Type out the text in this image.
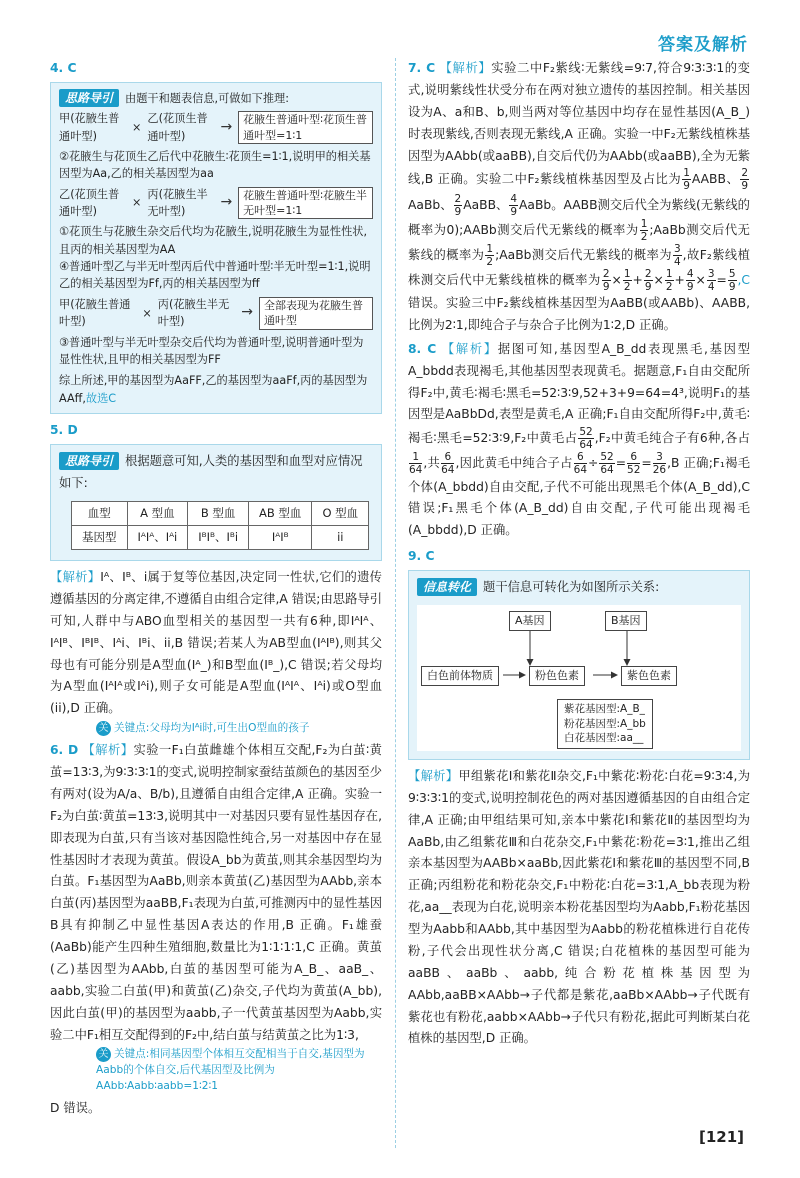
答案及解析
4. C
思路导引 由题干和题表信息,可做如下推理:
甲(花腋生普通叶型)
×
乙(花顶生普通叶型)
→	花腋生普通叶型∶花顶生普通叶型=1∶1
②花腋生与花顶生乙后代中花腋生∶花顶生=1∶1,说明甲的相关基因型为Aa,乙的相关基因型为aa
乙(花顶生普通叶型)
×
丙(花腋生半无叶型)
→	花腋生普通叶型∶花腋生半无叶型=1∶1
①花顶生与花腋生杂交后代均为花腋生,说明花腋生为显性性状,且丙的相关基因型为AA
④普通叶型乙与半无叶型丙后代中普通叶型∶半无叶型=1∶1,说明乙的相关基因型为Ff,丙的相关基因型为ff
甲(花腋生普通叶型)
×
丙(花腋生半无叶型)
→	全部表现为花腋生普通叶型
③普通叶型与半无叶型杂交后代均为普通叶型,说明普通叶型为显性性状,且甲的相关基因型为FF
综上所述,甲的基因型为AaFF,乙的基因型为aaFf,丙的基因型为AAff,故选C
5. D
思路导引 根据题意可知,人类的基因型和血型对应情况如下:
血型	A 型血	B 型血	AB 型血	O 型血
基因型	IᴬIᴬ、Iᴬi	IᴮIᴮ、Iᴮi	IᴬIᴮ	ii

【解析】Iᴬ、Iᴮ、i属于复等位基因,决定同一性状,它们的遗传遵循基因的分离定律,不遵循自由组合定律,A 错误;由思路导引可知,人群中与ABO血型相关的基因型一共有6种,即IᴬIᴬ、IᴬIᴮ、IᴮIᴮ、Iᴬi、Iᴮi、ii,B 错误;若某人为AB型血(IᴬIᴮ),则其父母也有可能分别是A型血(Iᴬ_)和B型血(Iᴮ_),C 错误;若父母均为A型血(IᴬIᴬ或Iᴬi),则子女可能是A型血(IᴬIᴬ、Iᴬi)或O型血(ii),D 正确。

关 关键点:父母均为Iᴬi时,可生出O型血的孩子

6. D 【解析】实验一F₁白茧雌雄个体相互交配,F₂为白茧∶黄茧=13∶3,为9∶3∶3∶1的变式,说明控制家蚕结茧颜色的基因至少有两对(设为A/a、B/b),且遵循自由组合定律,A 正确。实验一F₂为白茧∶黄茧=13∶3,说明其中一对基因只要有显性基因存在,即表现为白茧,只有当该对基因隐性纯合,另一对基因中存在显性基因时才表现为黄茧。假设A_bb为黄茧,则其余基因型均为白茧。F₁基因型为AaBb,则亲本黄茧(乙)基因型为AAbb,亲本白茧(丙)基因型为aaBB,F₁表现为白茧,可推测丙中的显性基因B具有抑制乙中显性基因A表达的作用,B 正确。F₁雄蚕(AaBb)能产生四种生殖细胞,数量比为1∶1∶1∶1,C 正确。黄茧(乙)基因型为AAbb,白茧的基因型可能为A_B_、aaB_、aabb,实验二白茧(甲)和黄茧(乙)杂交,子代均为黄茧(A_bb),因此白茧(甲)的基因型为aabb,子一代黄茧基因型为Aabb,实验二中F₁相互交配得到的F₂中,结白茧与结黄茧之比为1∶3,

关 关键点:相同基因型个体相互交配相当于自交,基因型为Aabb的个体自交,后代基因型及比例为AAbb∶Aabb∶aabb=1∶2∶1

D 错误。

7. C 【解析】实验二中F₂紫线∶无紫线=9∶7,符合9∶3∶3∶1的变式,说明紫线性状受分布在两对独立遗传的基因控制。相关基因设为A、a和B、b,则当两对等位基因中均存在显性基因(A_B_)时表现紫线,否则表现无紫线,A 正确。实验一中F₂无紫线植株基因型为AAbb(或aaBB),自交后代仍为AAbb(或aaBB),全为无紫线,B 正确。实验二中F₂紫线植株基因型及占比为 $\frac{1}{9}$ AABB、 $\frac{2}{9}$
AaBb、 $\frac{2}{9}$ AaBB、 $\frac{4}{9}$ AaBb。AABB测交后代全为紫线(无紫线的概率为0);AABb测交后代无紫线的概率为 $\frac{1}{2}$ ;AaBb测交后代无紫线的概率为 $\frac{1}{2}$ ;AaBb测交后代无紫线的概率为 $\frac{3}{4}$ ,故F₂紫线植株测交后代中无紫线植株的概率为 $\frac{2}{9} \times \frac{1}{2} + \frac{2}{9} \times \frac{1}{2} + \frac{4}{9} \times \frac{3}{4} = \frac{5}{9} ,C$错误。实验三中F₂紫线植株基因型为AaBB(或AABb)、AABB,比例为2∶1,即纯合子与杂合子比例为1∶2,D 正确。

8. C 【解析】据图可知,基因型A_B_dd表现黑毛,基因型A_bbdd表现褐毛,其他基因型表现黄毛。据题意,F₁自由交配所得F₂中,黄毛∶褐毛∶黑毛=52∶3∶9,52+3+9=64=4³,说明F₁的基因型是AaBbDd,表型是黄毛,A 正确;F₁自由交配所得F₂中,黄毛∶褐毛∶黑毛=52∶3∶9,F₂中黄毛占 $\frac{52}{64} ,F_2$中黄毛纯合子有6种,各占
$\frac{1}{64}$ ,共 $\frac{6}{64}$ ,因此黄毛中纯合子占 $\frac{6}{64} \div \frac{52}{64} = \frac{6}{52} = \frac{3}{26} ,B$ 正确;F₁褐毛个体(A_bbdd)自由交配,子代不可能出现黑毛个体(A_B_dd),C 错误;F₁黑毛个体(A_B_dd)自由交配,子代可能出现褐毛(A_bbdd),D 正确。

9. C
信息转化 题干信息可转化为如图所示关系:
A基因	B基因
白色前体物质	粉色色素	紫色色素
紫花基因型:A_B_
粉花基因型:A_bb
白花基因型:aa__

【解析】甲组紫花Ⅰ和紫花Ⅱ杂交,F₁中紫花∶粉花∶白花=9∶3∶4,为9∶3∶3∶1的变式,说明控制花色的两对基因遵循基因的自由组合定律,A 正确;由甲组结果可知,亲本中紫花Ⅰ和紫花Ⅱ的基因型均为AaBb,由乙组紫花Ⅲ和白花杂交,F₁中紫花∶粉花=3∶1,推出乙组亲本基因型为AABb×aaBb,因此紫花Ⅰ和紫花Ⅲ的基因型不同,B 正确;丙组粉花和粉花杂交,F₁中粉花∶白花=3∶1,A_bb表现为粉花,aa__表现为白花,说明亲本粉花基因型均为Aabb,F₁粉花基因型为Aabb和AAbb,其中基因型为Aabb的粉花植株进行自花传粉,子代会出现性状分离,C 错误;白花植株的基因型可能为aaBB、aaBb、aabb,纯合粉花植株基因型为AAbb,aaBB×AAbb→子代都是紫花,aaBb×AAbb→子代既有紫花也有粉花,aabb×AAbb→子代只有粉花,据此可判断某白花植株的基因型,D 正确。

[121]
